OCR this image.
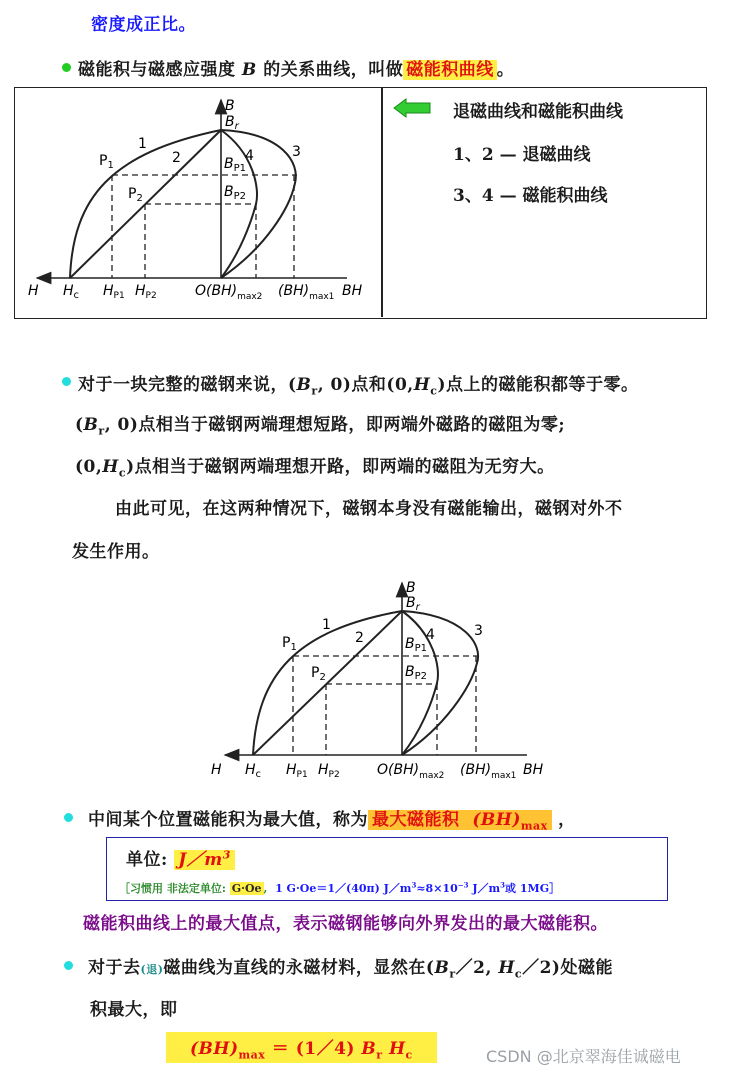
密度成正比。
磁能积与磁感应强度 B 的关系曲线，叫做 磁能积曲线 。
B
$B_r$
1
2	3
4
$P_1$
$P_2$
$B_{P1}$
$B_{P2}$
H $H_c$ $H_{P1}$ $H_{P2}$	$O(BH)_{max2}$ $(BH)_{max1}$ BH
退磁曲线和磁能积曲线
1、2 — 退磁曲线
3、4 — 磁能积曲线
对于一块完整的磁钢来说，($B_r$, 0)点和$(0,H_c)$点上的磁能积都等于零。
($B_r$, 0)点相当于磁钢两端理想短路，即两端外磁路的磁阻为零;
$(0,H_c)$点相当于磁钢两端理想开路，即两端的磁阻为无穷大。
由此可见，在这两种情况下，磁钢本身没有磁能输出，磁钢对外不
发生作用。
B
$B_r$
1
2	3
4
$P_1$
$P_2$
$B_{P1}$
$B_{P2}$
H $H_c$ $H_{P1}$ $H_{P2}$	$O(BH)_{max2}$ $(BH)_{max1}$ BH
中间某个位置磁能积为最大值，称为 最大磁能积 $(BH)_{max}$ ，
单位: $J/m^3$
［习惯用 非法定单位: G·Oe , 1 G·Oe＝1／(40π) $J/m^3\approx 8\times 10^{-3}$ $J/m^3$或 1MG］
磁能积曲线上的最大值点，表示磁钢能够向外界发出的最大磁能积。
对于去(退)磁曲线为直线的永磁材料，显然在($B_r/2$, $H_c/2$)处磁能
积最大，即
$(BH)_{max}$ ＝ (1／4) $B_r$ $H_c$	CSDN @北京翠海佳诚磁电
